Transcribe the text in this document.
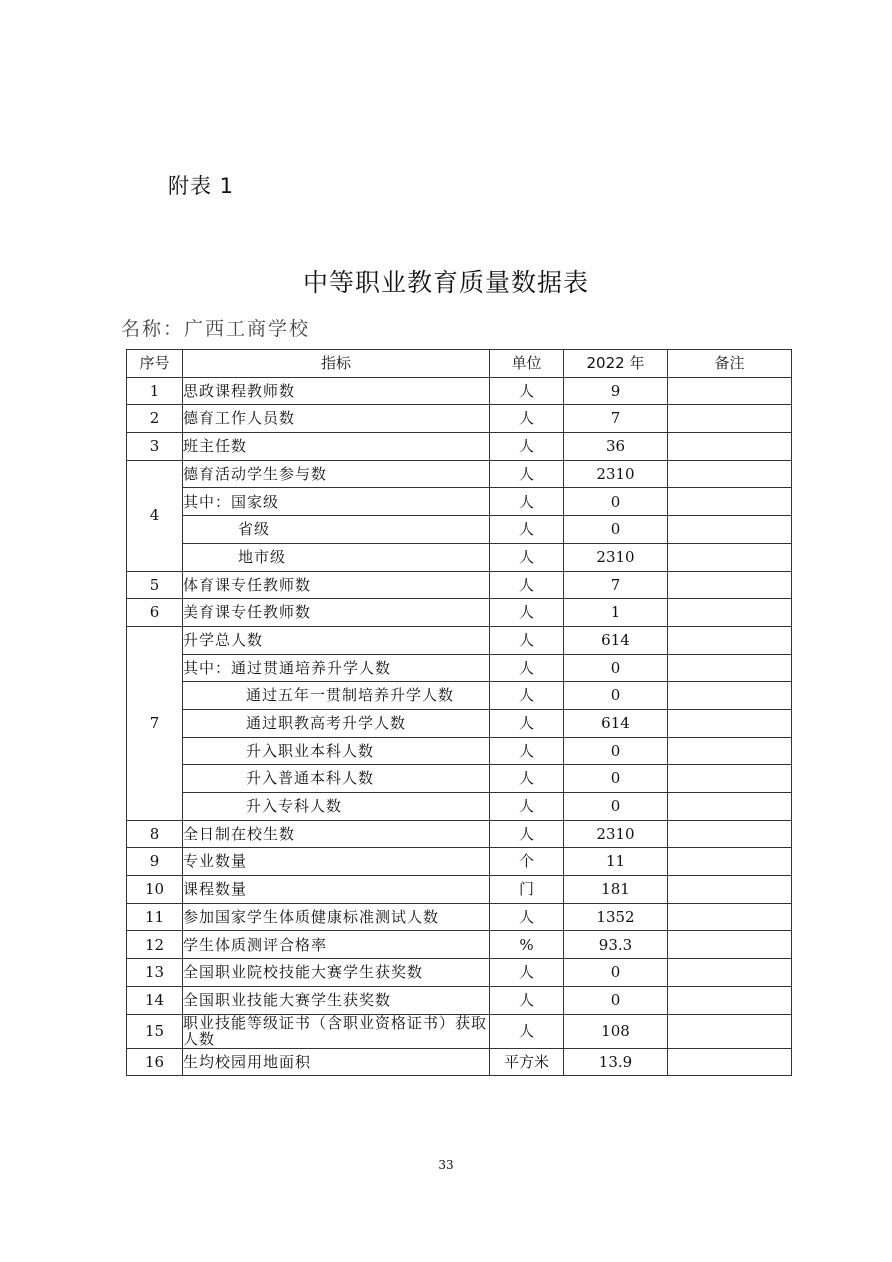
附表 1
中等职业教育质量数据表
名称：广西工商学校
序号	指标	单位	2022 年	备注
1	思政课程教师数	人	9	
2	德育工作人员数	人	7	
3	班主任数	人	36	
4	德育活动学生参与数	人	2310	
	其中：国家级	人	0	
	省级	人	0	
	地市级	人	2310	
5	体育课专任教师数	人	7	
6	美育课专任教师数	人	1	
7	升学总人数	人	614	
	其中：通过贯通培养升学人数	人	0	
	通过五年一贯制培养升学人数	人	0	
	通过职教高考升学人数	人	614	
	升入职业本科人数	人	0	
	升入普通本科人数	人	0	
	升入专科人数	人	0	
8	全日制在校生数	人	2310	
9	专业数量	个	11	
10	课程数量	门	181	
11	参加国家学生体质健康标准测试人数	人	1352	
12	学生体质测评合格率	%	93.3	
13	全国职业院校技能大赛学生获奖数	人	0	
14	全国职业技能大赛学生获奖数	人	0	
15	职业技能等级证书（含职业资格证书）获取人数	人	108	
16	生均校园用地面积	平方米	13.9	
33
